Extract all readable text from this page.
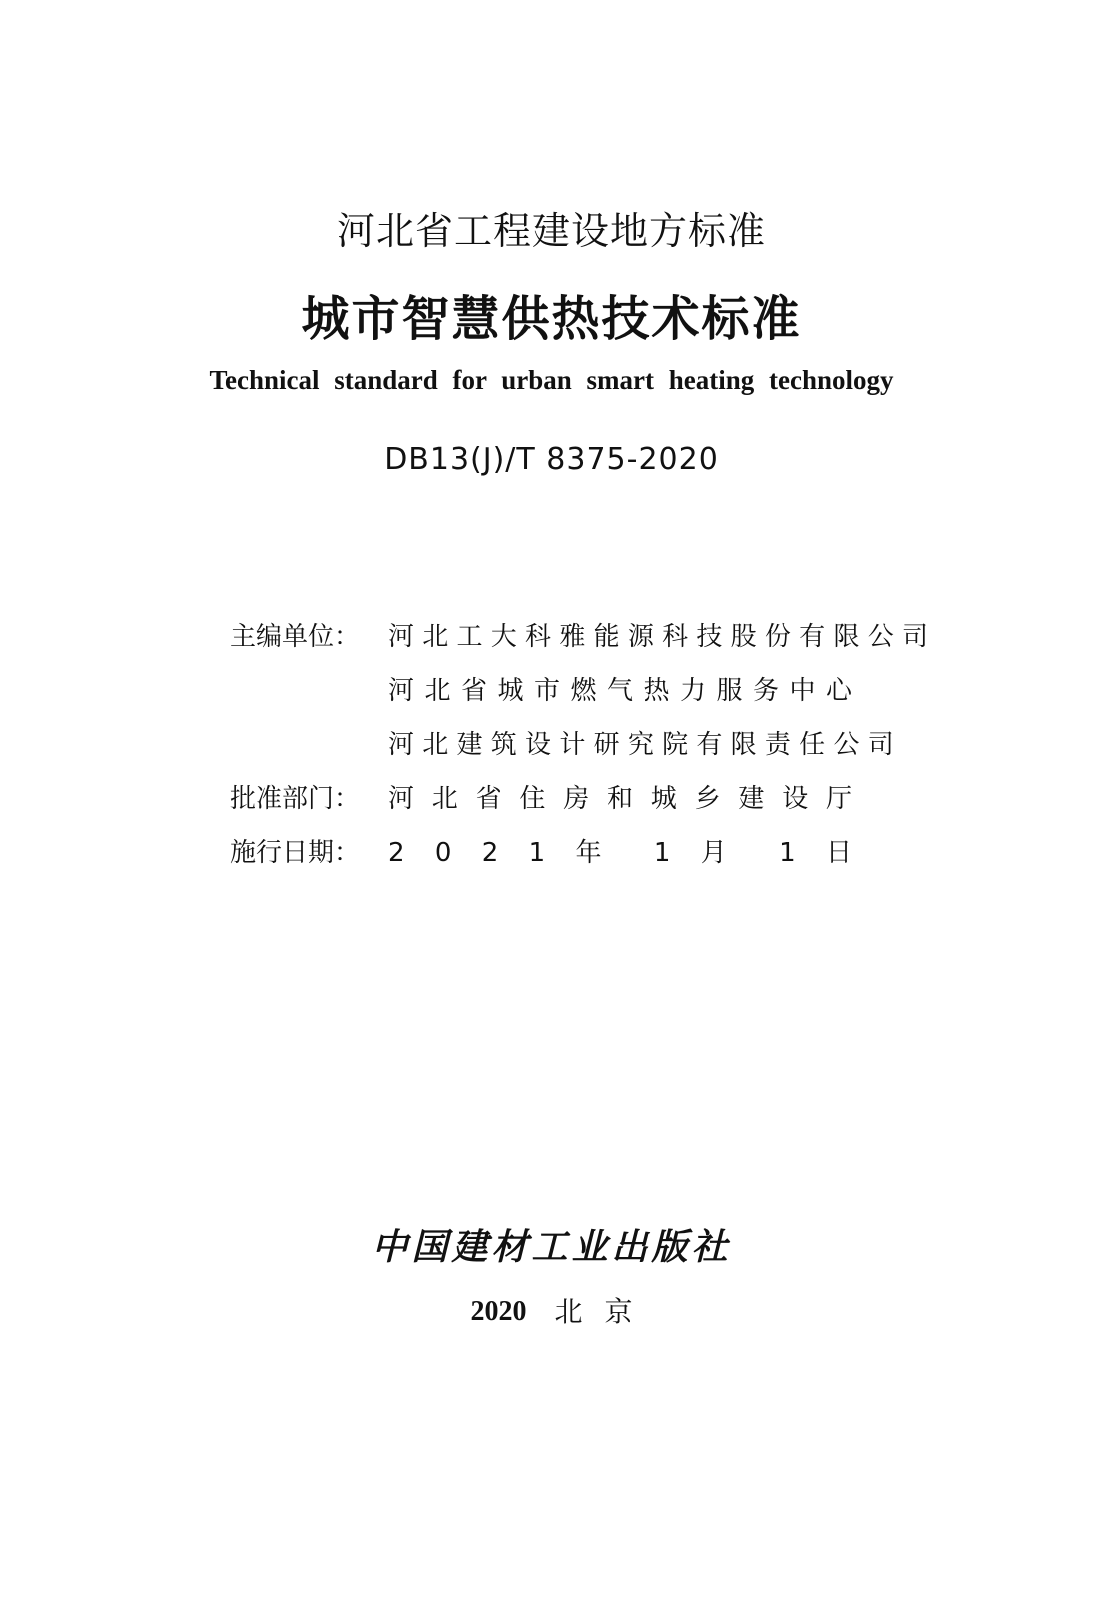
河北省工程建设地方标准
城市智慧供热技术标准
Technical standard for urban smart heating technology
DB13(J)/T 8375-2020
主编单位：	河 北 工 大 科 雅 能 源 科 技 股 份 有 限 公 司
河 北 省 城 市 燃 气 热 力 服 务 中 心
河 北 建 筑 设 计 研 究 院 有 限 责 任 公 司
批准部门：	河 北 省 住 房 和 城 乡 建 设 厅
施行日期：	2 0 2 1 年 1 月 1 日
中国建材工业出版社
2020 北京
